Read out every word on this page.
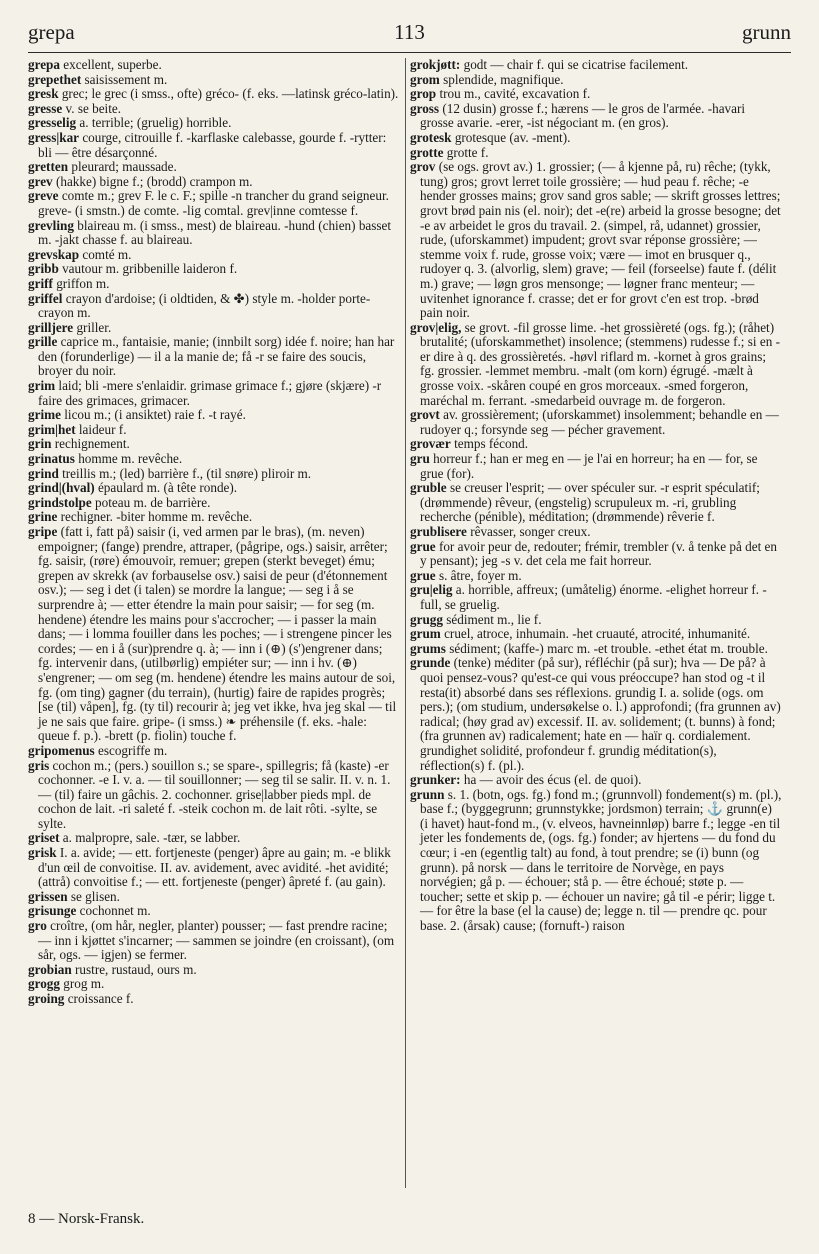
grepa	113	grunn

grepa excellent, superbe.

grepethet saisissement m.

gresk grec; le grec (i smss., ofte) gréco- (f. eks. —latinsk gréco-latin).

gresse v. se beite.

gresselig a. terrible; (gruelig) horrible.

gress|kar courge, citrouille f. -karflaske calebasse, gourde f. -rytter: bli — être désarçonné.

gretten pleurard; maussade.

grev (hakke) bigne f.; (brodd) crampon m.

greve comte m.; grev F. le c. F.; spille -n trancher du grand seigneur. greve- (i smstn.) de comte. -lig comtal. grev|inne comtesse f.

grevling blaireau m. (i smss., mest) de blaireau. -hund (chien) basset m. -jakt chasse f. au blaireau.

grevskap comté m.

gribb vautour m. gribbenille laideron f.

griff griffon m.

griffel crayon d'ardoise; (i oldtiden, & ✤) style m. -holder porte-crayon m.

grilljere griller.

grille caprice m., fantaisie, manie; (innbilt sorg) idée f. noire; han har den (forunderlige) — il a la manie de; få -r se faire des soucis, broyer du noir.

grim laid; bli -mere s'enlaidir. grimase grimace f.; gjøre (skjære) -r faire des grimaces, grimacer.

grime licou m.; (i ansiktet) raie f. -t rayé.

grim|het laideur f.

grin rechignement.

grinatus homme m. revêche.

grind treillis m.; (led) barrière f., (til snøre) pliroir m.

grind|(hval) épaulard m. (à tête ronde).

grindstolpe poteau m. de barrière.

grine rechigner. -biter homme m. revêche.

gripe (fatt i, fatt på) saisir (i, ved armen par le bras), (m. neven) empoigner; (fange) prendre, attraper, (pågripe, ogs.) saisir, arrêter; fg. saisir, (røre) émouvoir, remuer; grepen (sterkt beveget) ému; grepen av skrekk (av forbauselse osv.) saisi de peur (d'étonnement osv.); — seg i det (i talen) se mordre la langue; — seg i å se surprendre à; — etter étendre la main pour saisir; — for seg (m. hendene) étendre les mains pour s'accrocher; — i passer la main dans; — i lomma fouiller dans les poches; — i strengene pincer les cordes; — en i å (sur)prendre q. à; — inn i (⊕) (s')engrener dans; fg. intervenir dans, (utilbørlig) empiéter sur; — inn i hv. (⊕) s'engrener; — om seg (m. hendene) étendre les mains autour de soi, fg. (om ting) gagner (du terrain), (hurtig) faire de rapides progrès; [se (til) våpen], fg. (ty til) recourir à; jeg vet ikke, hva jeg skal — til je ne sais que faire. gripe- (i smss.) ❧ préhensile (f. eks. -hale: queue f. p.). -brett (p. fiolin) touche f.

gripomenus escogriffe m.

gris cochon m.; (pers.) souillon s.; se spare-, spillegris; få (kaste) -er cochonner. -e I. v. a. — til souillonner; — seg til se salir. II. v. n. 1. — (til) faire un gâchis. 2. cochonner. grise|labber pieds mpl. de cochon de lait. -ri saleté f. -steik cochon m. de lait rôti. -sylte, se sylte.

griset a. malpropre, sale. -tær, se labber.

grisk I. a. avide; — ett. fortjeneste (penger) âpre au gain; m. -e blikk d'un œil de convoitise. II. av. avidement, avec avidité. -het avidité; (attrå) convoitise f.; — ett. fortjeneste (penger) âpreté f. (au gain).

grissen se glisen.

grisunge cochonnet m.

gro croître, (om hår, negler, planter) pousser; — fast prendre racine; — inn i kjøttet s'incarner; — sammen se joindre (en croissant), (om sår, ogs. — igjen) se fermer.

grobian rustre, rustaud, ours m.

grogg grog m.

groing croissance f.

grokjøtt: godt — chair f. qui se cicatrise facilement.

grom splendide, magnifique.

grop trou m., cavité, excavation f.

gross (12 dusin) grosse f.; hærens — le gros de l'armée. -havari grosse avarie. -erer, -ist négociant m. (en gros).

grotesk grotesque (av. -ment).

grotte grotte f.

grov (se ogs. grovt av.) 1. grossier; (— å kjenne på, ru) rêche; (tykk, tung) gros; grovt lerret toile grossière; — hud peau f. rêche; -e hender grosses mains; grov sand gros sable; — skrift grosses lettres; grovt brød pain nis (el. noir); det -e(re) arbeid la grosse besogne; det -e av arbeidet le gros du travail. 2. (simpel, rå, udannet) grossier, rude, (uforskammet) impudent; grovt svar réponse grossière; — stemme voix f. rude, grosse voix; være — imot en brusquer q., rudoyer q. 3. (alvorlig, slem) grave; — feil (forseelse) faute f. (délit m.) grave; — løgn gros mensonge; — løgner franc menteur; — uvitenhet ignorance f. crasse; det er for grovt c'en est trop. -brød pain noir.

grov|elig, se grovt. -fil grosse lime. -het grossièreté (ogs. fg.); (råhet) brutalité; (uforskammethet) insolence; (stemmens) rudesse f.; si en -er dire à q. des grossièretés. -høvl riflard m. -kornet à gros grains; fg. grossier. -lemmet membru. -malt (om korn) égrugé. -mælt à grosse voix. -skåren coupé en gros morceaux. -smed forgeron, maréchal m. ferrant. -smedarbeid ouvrage m. de forgeron.

grovt av. grossièrement; (uforskammet) insolemment; behandle en — rudoyer q.; forsynde seg — pécher gravement.

grovær temps fécond.

gru horreur f.; han er meg en — je l'ai en horreur; ha en — for, se grue (for).

gruble se creuser l'esprit; — over spéculer sur. -r esprit spéculatif; (drømmende) rêveur, (engstelig) scrupuleux m. -ri, grubling recherche (pénible), méditation; (drømmende) rêverie f.

grublisere rêvasser, songer creux.

grue for avoir peur de, redouter; frémir, trembler (v. å tenke på det en y pensant); jeg -s v. det cela me fait horreur.

grue s. âtre, foyer m.

gru|elig a. horrible, affreux; (umåtelig) énorme. -elighet horreur f. -full, se gruelig.

grugg sédiment m., lie f.

grum cruel, atroce, inhumain. -het cruauté, atrocité, inhumanité.

grums sédiment; (kaffe-) marc m. -et trouble. -ethet état m. trouble.

grunde (tenke) méditer (på sur), réfléchir (på sur); hva — De på? à quoi pensez-vous? qu'est-ce qui vous préoccupe? han stod og -t il resta(it) absorbé dans ses réflexions. grundig I. a. solide (ogs. om pers.); (om studium, undersøkelse o. l.) approfondi; (fra grunnen av) radical; (høy grad av) excessif. II. av. solidement; (t. bunns) à fond; (fra grunnen av) radicalement; hate en — haïr q. cordialement. grundighet solidité, profondeur f. grundig méditation(s), réflection(s) f. (pl.).

grunker: ha — avoir des écus (el. de quoi).

grunn s. 1. (botn, ogs. fg.) fond m.; (grunnvoll) fondement(s) m. (pl.), base f.; (byggegrunn; grunnstykke; jordsmon) terrain; ⚓ grunn(e) (i havet) haut-fond m., (v. elveos, havneinnløp) barre f.; legge -en til jeter les fondements de, (ogs. fg.) fonder; av hjertens — du fond du cœur; i -en (egentlig talt) au fond, à tout prendre; se (i) bunn (og grunn). på norsk — dans le territoire de Norvège, en pays norvégien; gå p. — échouer; stå p. — être échoué; støte p. — toucher; sette et skip p. — échouer un navire; gå til -e périr; ligge t. — for être la base (el la cause) de; legge n. til — prendre qc. pour base. 2. (årsak) cause; (fornuft-) raison

8 — Norsk-Fransk.
